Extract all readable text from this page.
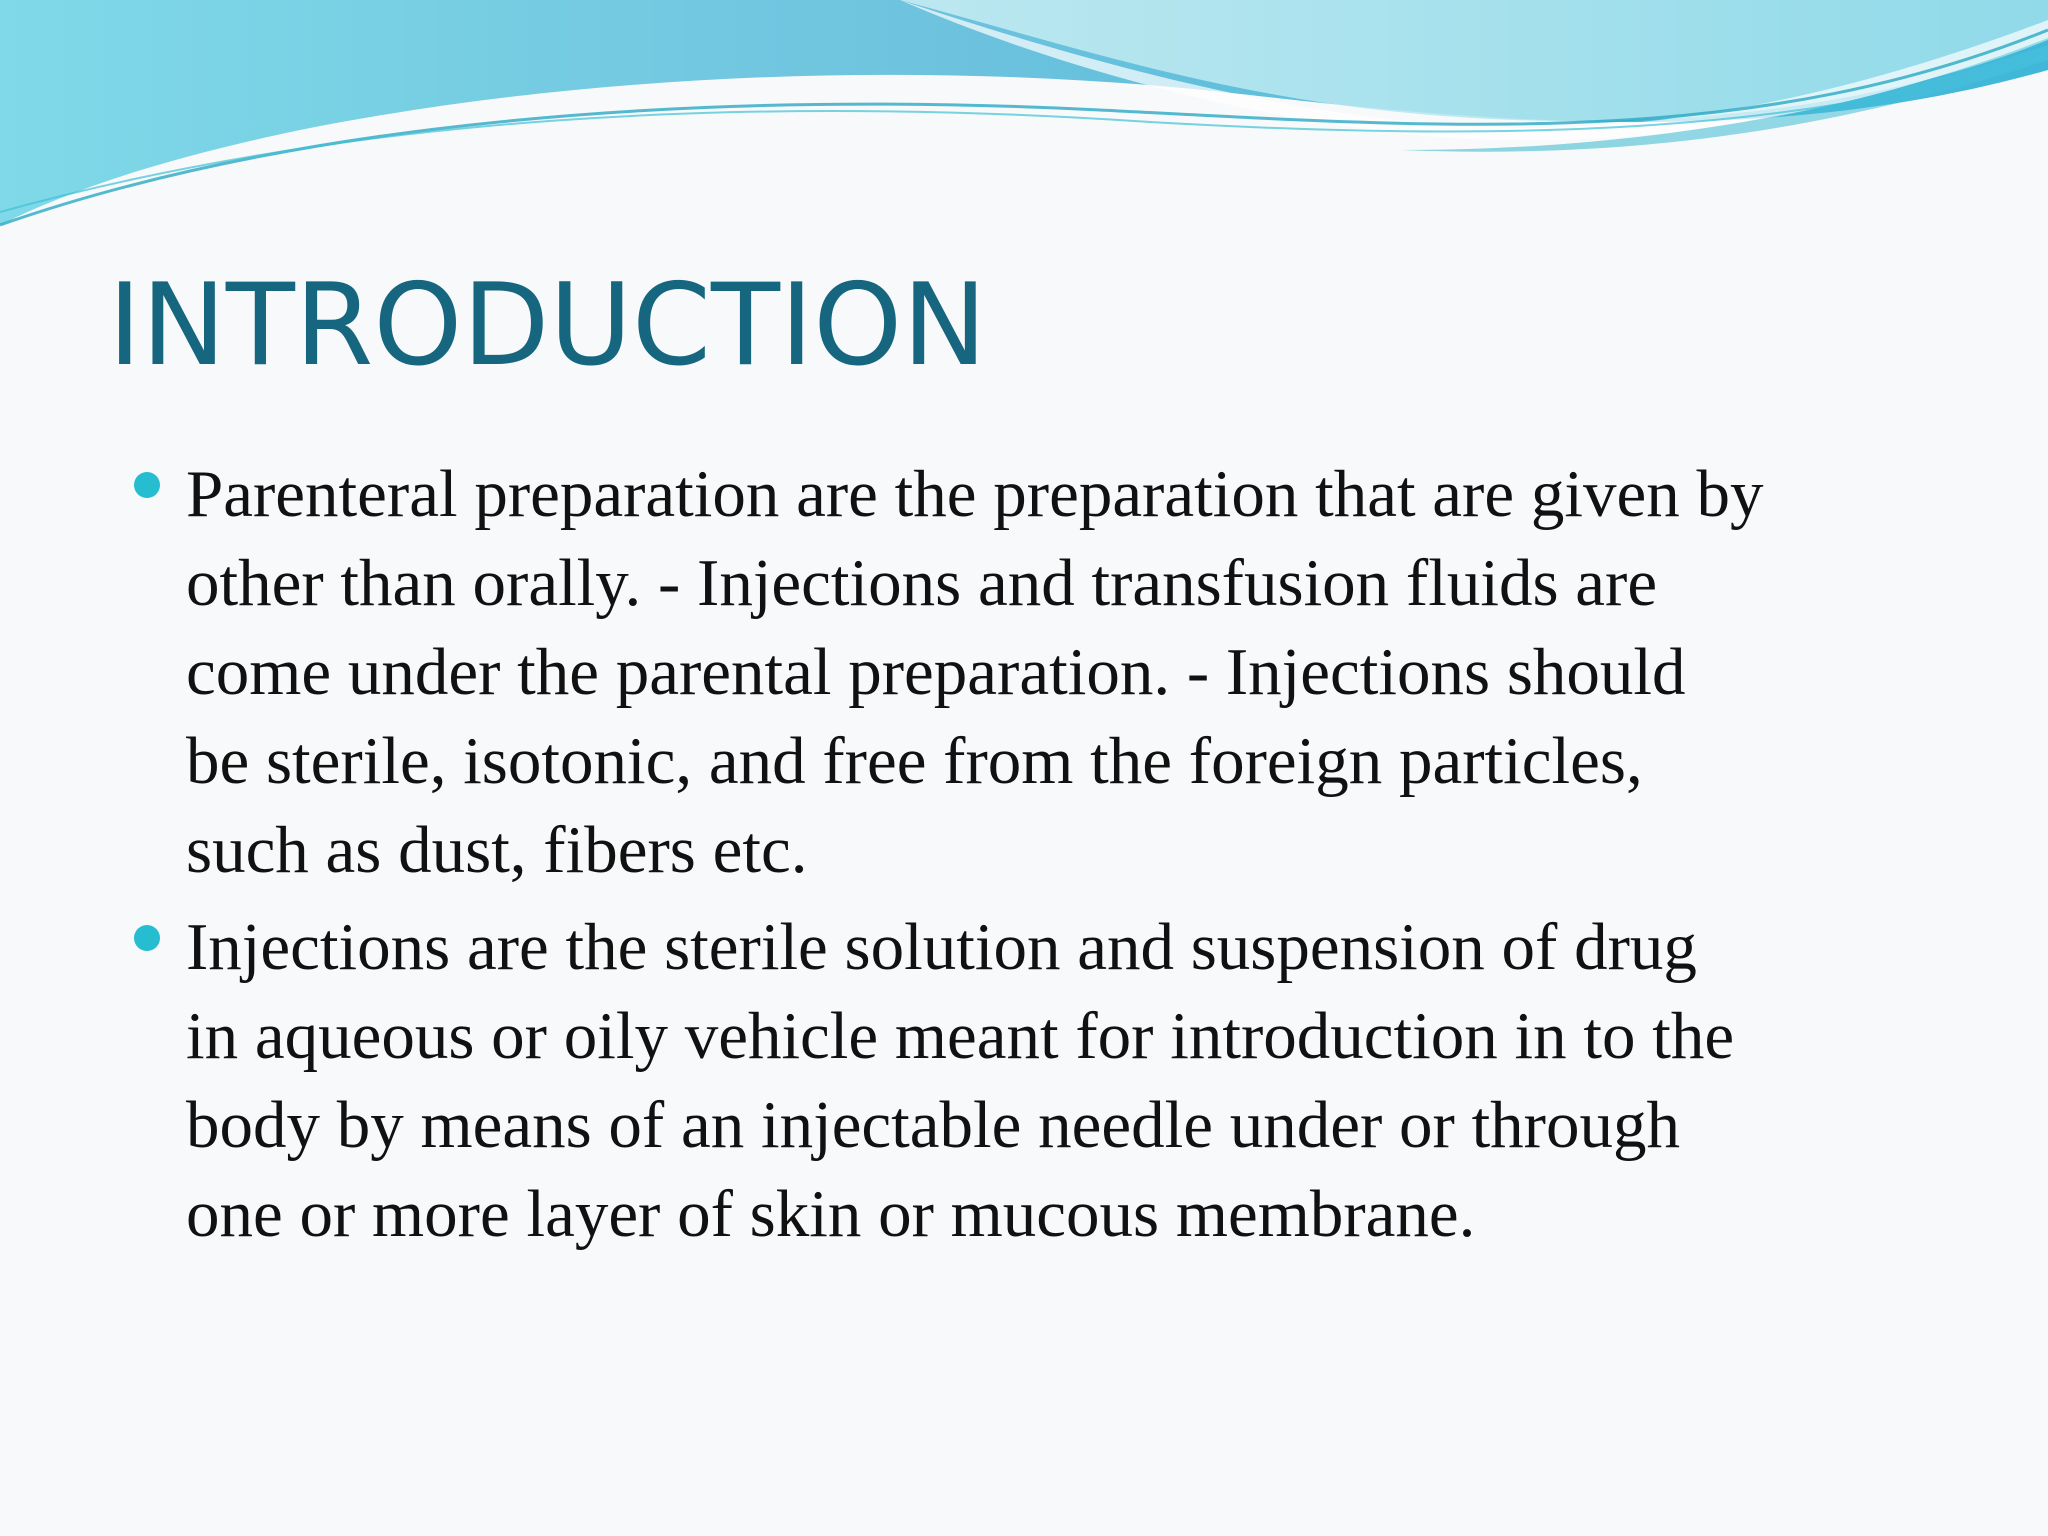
INTRODUCTION
Parenteral preparation are the preparation that are given by
other than orally. - Injections and transfusion fluids are
come under the parental preparation. - Injections should
be sterile, isotonic, and free from the foreign particles,
such as dust, fibers etc.
Injections are the sterile solution and suspension of drug
in aqueous or oily vehicle meant for introduction in to the
body by means of an injectable needle under or through
one or more layer of skin or mucous membrane.
